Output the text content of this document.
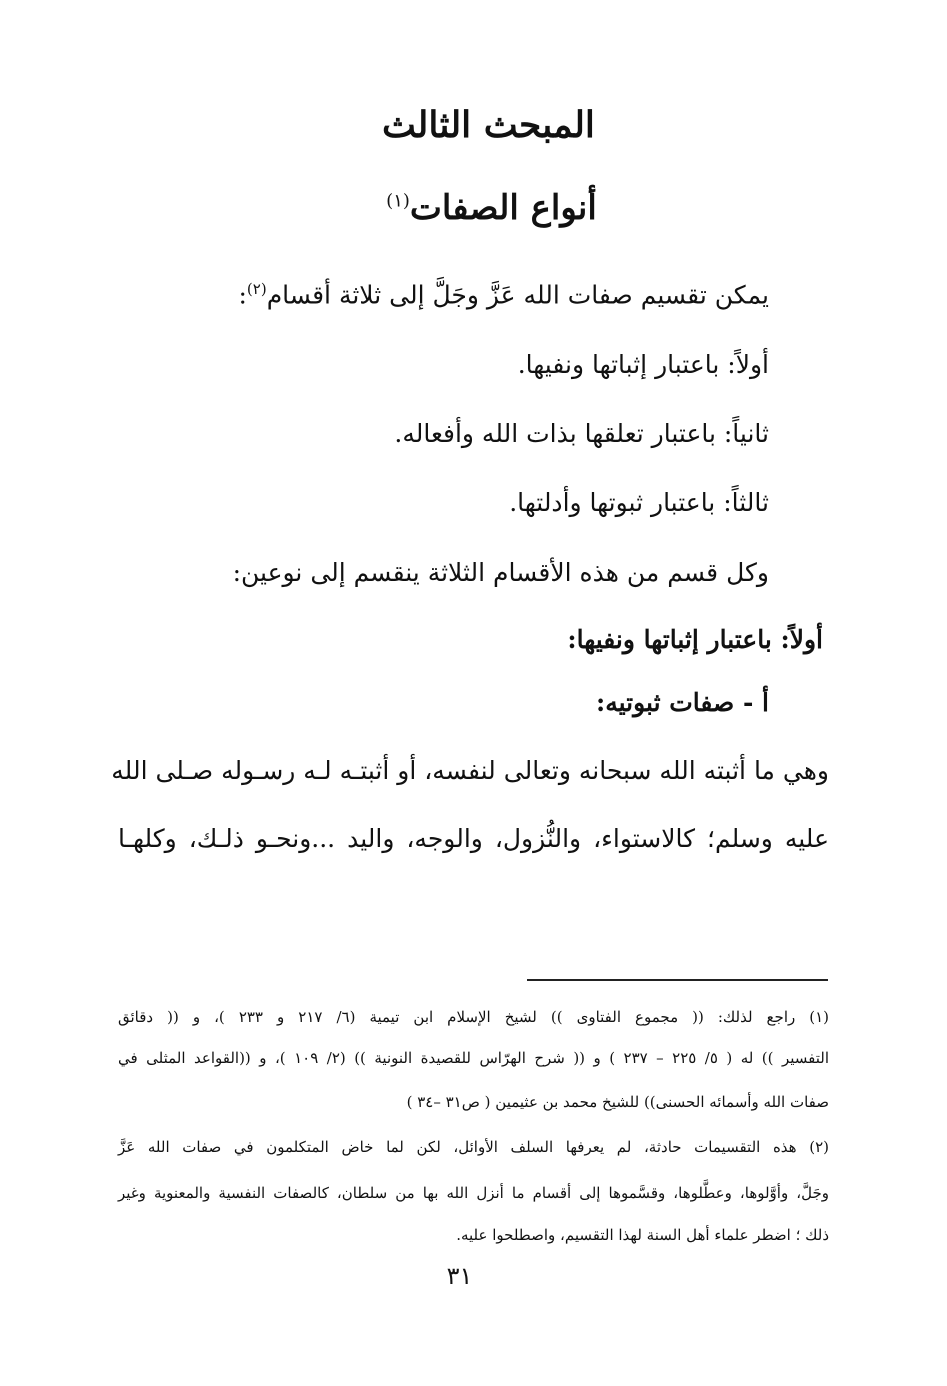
المبحث الثالث
أنواع الصفات$^{(١)}$
يمكن تقسيم صفات الله عَزَّ وجَلَّ إلى ثلاثة أقسام$^{(٢)}$:
أولاً: باعتبار إثباتها ونفيها.
ثانياً: باعتبار تعلقها بذات الله وأفعاله.
ثالثاً: باعتبار ثبوتها وأدلتها.
وكل قسم من هذه الأقسام الثلاثة ينقسم إلى نوعين:
أولاً: باعتبار إثباتها ونفيها:
أ - صفات ثبوتيه:
وهي ما أثبته الله سبحانه وتعالى لنفسه، أو أثبتـه لـه رسـوله صـلى الله
عليه وسلم؛ كالاستواء، والنُّزول، والوجه، واليد ...ونحـو ذلـك، وكلهـا
(١) راجع لذلك: (( مجموع الفتاوى )) لشيخ الإسلام ابن تيمية (٦/ ٢١٧ و ٢٣٣ )، و (( دقائق
التفسير )) له ( ٥/ ٢٢٥ – ٢٣٧ ) و (( شرح الهرّاس للقصيدة النونية )) (٢/ ١٠٩ )، و ((القواعد المثلى في
صفات الله وأسمائه الحسنى)) للشيخ محمد بن عثيمين ( ص٣١ –٣٤ )
(٢) هذه التقسيمات حادثة، لم يعرفها السلف الأوائل، لكن لما خاض المتكلمون في صفات الله عَزَّ
وجَلَّ، وأوَّلوها، وعطَّلوها، وقسَّموها إلى أقسام ما أنزل الله بها من سلطان، كالصفات النفسية والمعنوية وغير
ذلك ؛ اضطر علماء أهل السنة لهذا التقسيم، واصطلحوا عليه.
٣١
